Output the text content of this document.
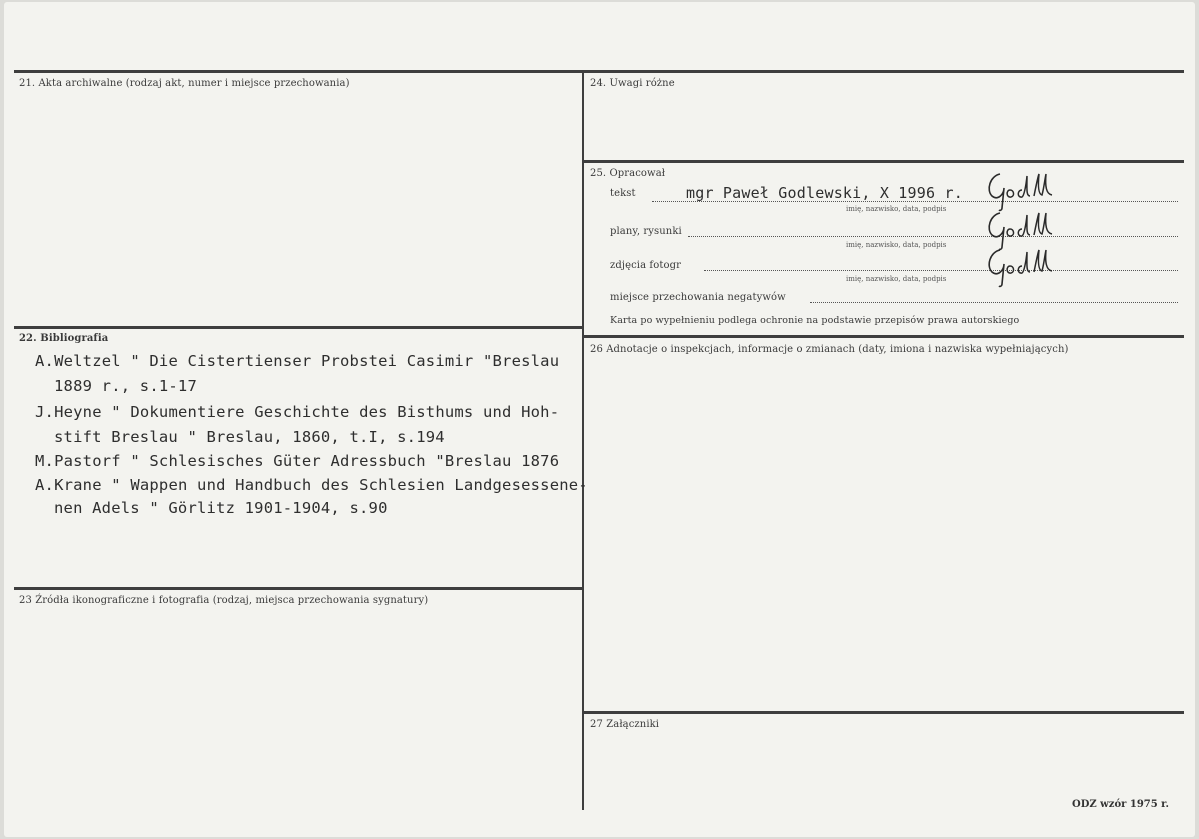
21. Akta archiwalne (rodzaj akt, numer i miejsce przechowania)
22. Bibliografia
A.Weltzel " Die Cistertienser Probstei Casimir "Breslau
1889 r., s.1-17
J.Heyne " Dokumentiere Geschichte des Bisthums und Hoh-
stift Breslau " Breslau, 1860, t.I, s.194
M.Pastorf " Schlesisches Güter Adressbuch "Breslau 1876
A.Krane " Wappen und Handbuch des Schlesien Landgesessene-
nen Adels " Görlitz 1901-1904, s.90
23 Źródła ikonograficzne i fotografia (rodzaj, miejsca przechowania sygnatury)
24. Uwagi różne
25. Opracował
tekst	mgr Paweł Godlewski, X 1996 r.
imię, nazwisko, data, podpis
plany, rysunki
imię, nazwisko, data, podpis
zdjęcia fotogr
imię, nazwisko, data, podpis
miejsce przechowania negatywów
Karta po wypełnieniu podlega ochronie na podstawie przepisów prawa autorskiego
26 Adnotacje o inspekcjach, informacje o zmianach (daty, imiona i nazwiska wypełniających)
27 Załączniki
ODZ wzór 1975 r.
